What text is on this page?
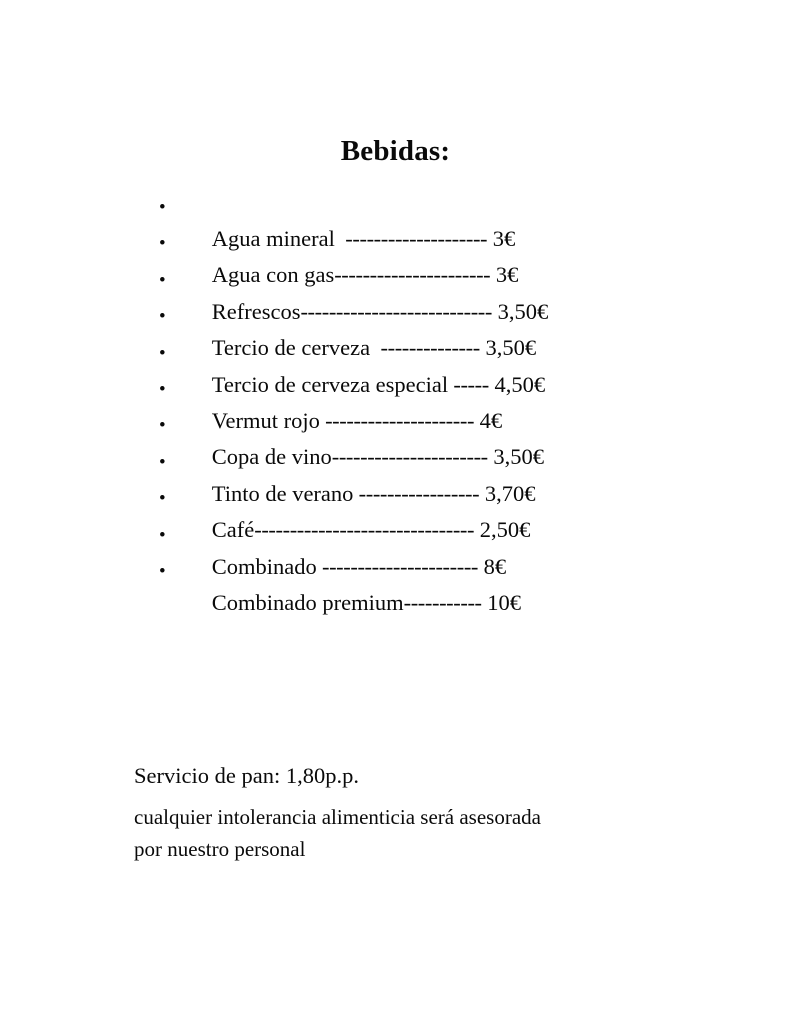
Bebidas:

•
Agua mineral  -------------------- 3€

•
Agua con gas---------------------- 3€

•
Refrescos--------------------------- 3,50€

•
Tercio de cerveza  -------------- 3,50€

•
Tercio de cerveza especial ----- 4,50€

•
Vermut rojo --------------------- 4€

•
Copa de vino---------------------- 3,50€

•
Tinto de verano ----------------- 3,70€

•
Café------------------------------- 2,50€

•
Combinado ---------------------- 8€

•
Combinado premium----------- 10€

Servicio de pan: 1,80p.p.

cualquier intolerancia alimenticia será asesorada
por nuestro personal
